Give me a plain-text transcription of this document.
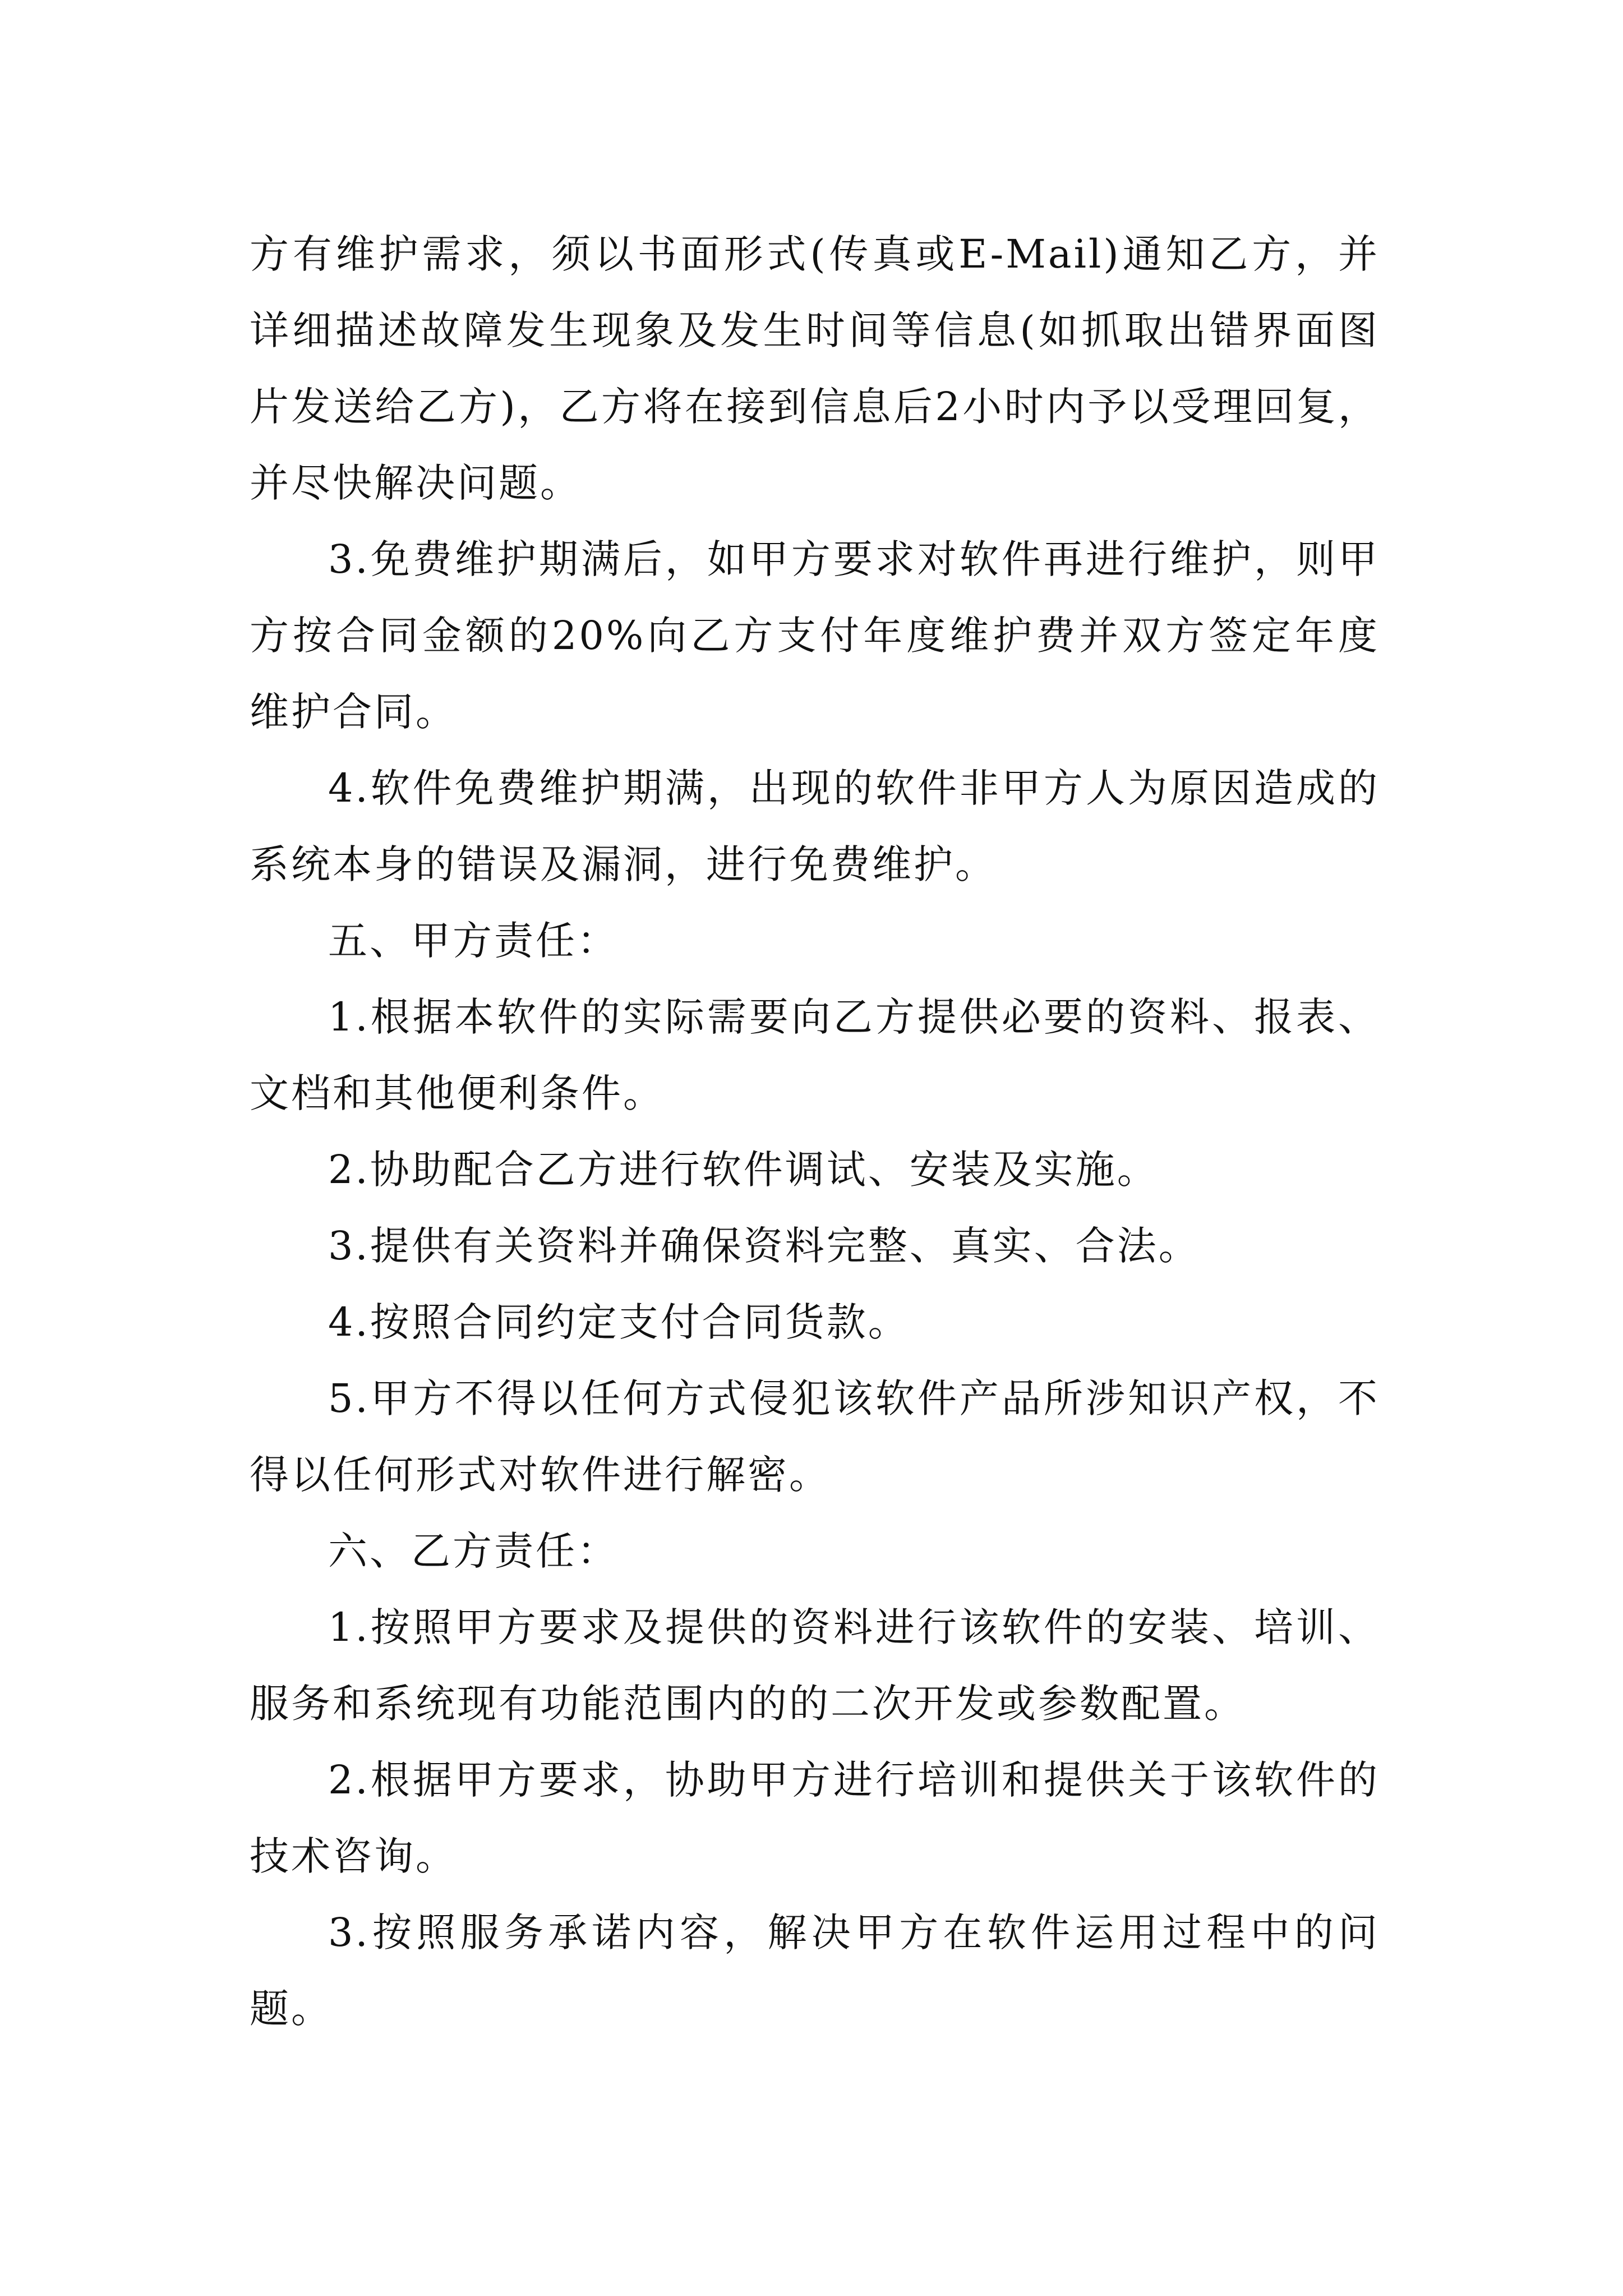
方有维护需求，须以书面形式(传真或E-Mail)通知乙方，并详细描述故障发生现象及发生时间等信息(如抓取出错界面图片发送给乙方)，乙方将在接到信息后2小时内予以受理回复，并尽快解决问题。

3.免费维护期满后，如甲方要求对软件再进行维护，则甲方按合同金额的20%向乙方支付年度维护费并双方签定年度维护合同。

4.软件免费维护期满，出现的软件非甲方人为原因造成的系统本身的错误及漏洞，进行免费维护。

五、甲方责任：

1.根据本软件的实际需要向乙方提供必要的资料、报表、文档和其他便利条件。

2.协助配合乙方进行软件调试、安装及实施。

3.提供有关资料并确保资料完整、真实、合法。

4.按照合同约定支付合同货款。

5.甲方不得以任何方式侵犯该软件产品所涉知识产权，不得以任何形式对软件进行解密。

六、乙方责任：

1.按照甲方要求及提供的资料进行该软件的安装、培训、服务和系统现有功能范围内的的二次开发或参数配置。

2.根据甲方要求，协助甲方进行培训和提供关于该软件的技术咨询。

3.按照服务承诺内容，解决甲方在软件运用过程中的问题。
